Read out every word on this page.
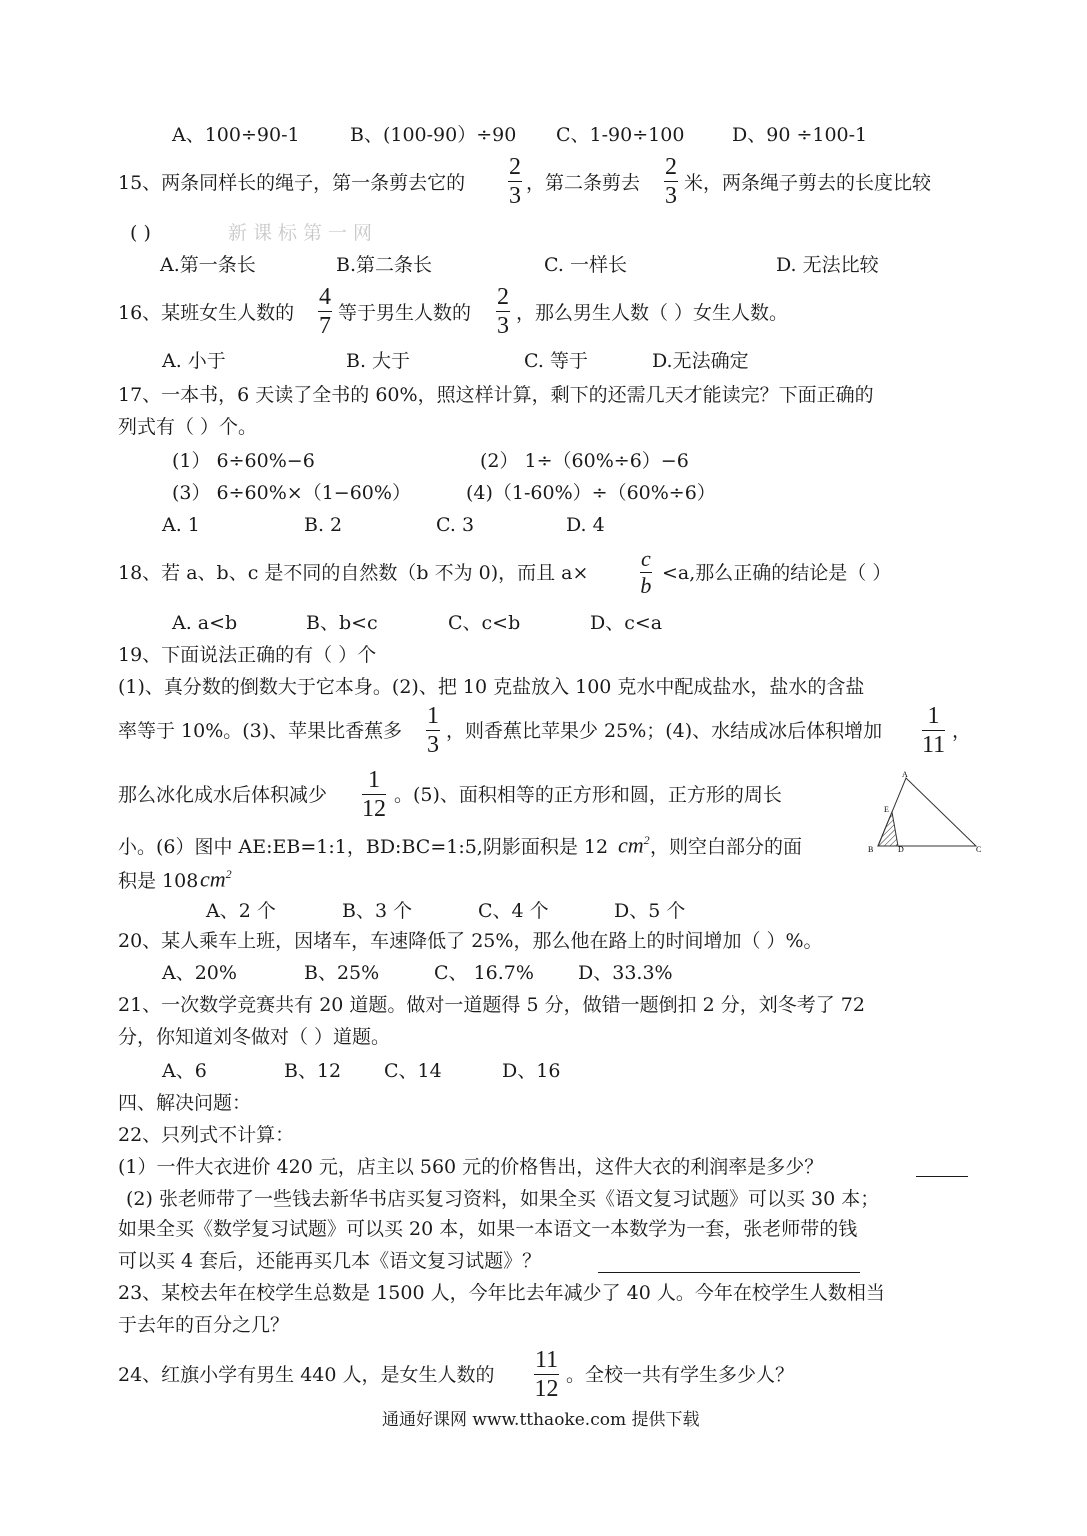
A、100÷90-1	B、(100-90）÷90 C、1-90÷100	D、90 ÷100-1
15、两条同样长的绳子，第一条剪去它的
2
3 ，第二条剪去
2
3 米，两条绳子剪去的长度比较
( )	新课标第一网
A.第一条长	B.第二条长	C. 一样长	D. 无法比较
16、某班女生人数的
4
7 等于男生人数的
2
3 ，那么男生人数（ ）女生人数。
A. 小于	B. 大于	C. 等于	D.无法确定
17、一本书，6 天读了全书的 60%，照这样计算，剩下的还需几天才能读完？下面正确的
列式有（ ）个。
(1） 6÷60%−6	(2） 1÷（60%÷6）−6
(3） 6÷60%×（1−60%）	(4)（1-60%）÷（60%÷6）
A. 1	B. 2	C. 3	D. 4
18、若 a、b、c 是不同的自然数（b 不为 0)，而且 a×
c
b <a,那么正确的结论是（ ）
A. a<b	B、b<c	C、c<b	D、c<a
19、下面说法正确的有（ ）个
(1)、真分数的倒数大于它本身。(2)、把 10 克盐放入 100 克水中配成盐水，盐水的含盐
率等于 10%。(3)、苹果比香蕉多
1
3
，则香蕉比苹果少 25%；(4)、水结成冰后体积增加
1
11
，
那么冰化成水后体积减少
1
12
。(5)、面积相等的正方形和圆，正方形的周长
小。(6）图中 AE:EB=1:1，BD:BC=1:5,阴影面积是 12 $cm^2$ ，则空白部分的面
积是 108 $cm^2$
A
E
B	D	C
A、2 个	B、3 个	C、4 个	D、5 个
20、某人乘车上班，因堵车，车速降低了 25%，那么他在路上的时间增加（ ）%。
A、20%	B、25%	C、 16.7% D、33.3%
21、一次数学竞赛共有 20 道题。做对一道题得 5 分，做错一题倒扣 2 分，刘冬考了 72
分，你知道刘冬做对（ ）道题。
A、6	B、12 C、14	D、16
四、解决问题：
22、只列式不计算：
(1）一件大衣进价 420 元，店主以 560 元的价格售出，这件大衣的利润率是多少？
(2) 张老师带了一些钱去新华书店买复习资料，如果全买《语文复习试题》可以买 30 本；
如果全买《数学复习试题》可以买 20 本，如果一本语文一本数学为一套，张老师带的钱
可以买 4 套后，还能再买几本《语文复习试题》？
23、某校去年在校学生总数是 1500 人，今年比去年减少了 40 人。今年在校学生人数相当
于去年的百分之几？
24、红旗小学有男生 440 人，是女生人数的
11
12
。全校一共有学生多少人？
通通好课网 www.tthaoke.com 提供下载
